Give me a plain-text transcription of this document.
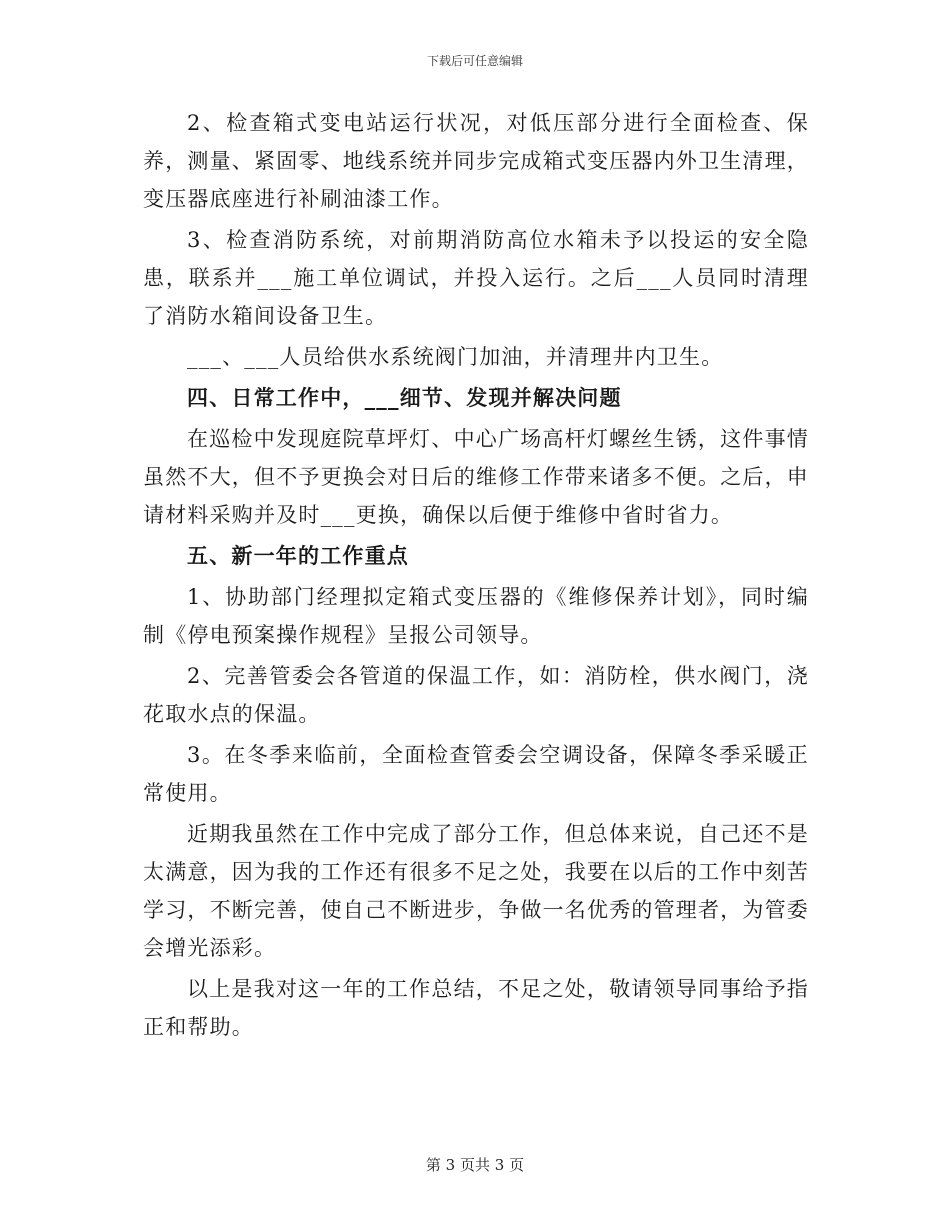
下载后可任意编辑

2、检查箱式变电站运行状况，对低压部分进行全面检查、保养，测量、紧固零、地线系统并同步完成箱式变压器内外卫生清理，变压器底座进行补刷油漆工作。

3、检查消防系统，对前期消防高位水箱未予以投运的安全隐患，联系并___施工单位调试，并投入运行。之后___人员同时清理了消防水箱间设备卫生。

___、___人员给供水系统阀门加油，并清理井内卫生。

四、日常工作中，___细节、发现并解决问题

在巡检中发现庭院草坪灯、中心广场高杆灯螺丝生锈，这件事情虽然不大，但不予更换会对日后的维修工作带来诸多不便。之后，申请材料采购并及时___更换，确保以后便于维修中省时省力。

五、新一年的工作重点

1、协助部门经理拟定箱式变压器的《维修保养计划》，同时编制《停电预案操作规程》呈报公司领导。

2、完善管委会各管道的保温工作，如：消防栓，供水阀门，浇花取水点的保温。

3。在冬季来临前，全面检查管委会空调设备，保障冬季采暖正常使用。

近期我虽然在工作中完成了部分工作，但总体来说，自己还不是太满意，因为我的工作还有很多不足之处，我要在以后的工作中刻苦学习，不断完善，使自己不断进步，争做一名优秀的管理者，为管委会增光添彩。

以上是我对这一年的工作总结，不足之处，敬请领导同事给予指正和帮助。

第 3 页共 3 页
